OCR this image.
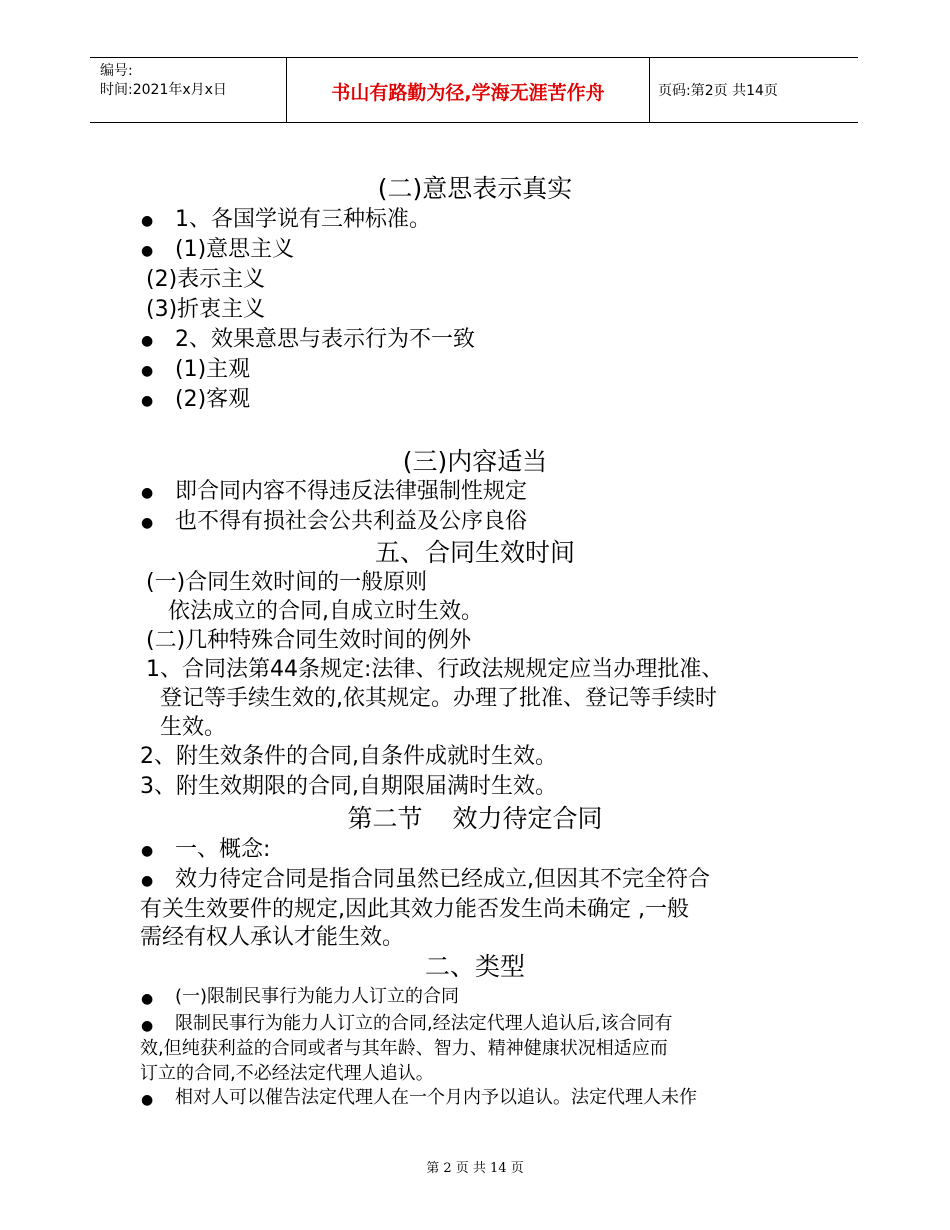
编号:
时间:2021年x月x日	书山有路勤为径,学海无涯苦作舟	页码:第2页 共14页
(二)意思表示真实
● 1、各国学说有三种标准。
● (1)意思主义
(2)表示主义
(3)折衷主义
● 2、效果意思与表示行为不一致
● (1)主观
● (2)客观
(三)内容适当
● 即合同内容不得违反法律强制性规定
● 也不得有损社会公共利益及公序良俗
五、合同生效时间
(一)合同生效时间的一般原则
依法成立的合同,自成立时生效。
(二)几种特殊合同生效时间的例外
1、合同法第44条规定:法律、行政法规规定应当办理批准、
登记等手续生效的,依其规定。办理了批准、登记等手续时
生效。
2、附生效条件的合同,自条件成就时生效。
3、附生效期限的合同,自期限届满时生效。
第二节 效力待定合同
● 一、概念:
● 效力待定合同是指合同虽然已经成立,但因其不完全符合
有关生效要件的规定,因此其效力能否发生尚未确定 ,一般
需经有权人承认才能生效。
二、类型
● (一)限制民事行为能力人订立的合同
● 限制民事行为能力人订立的合同,经法定代理人追认后,该合同有
效,但纯获利益的合同或者与其年龄、智力、精神健康状况相适应而
订立的合同,不必经法定代理人追认。
● 相对人可以催告法定代理人在一个月内予以追认。法定代理人未作
第 2 页 共 14 页
